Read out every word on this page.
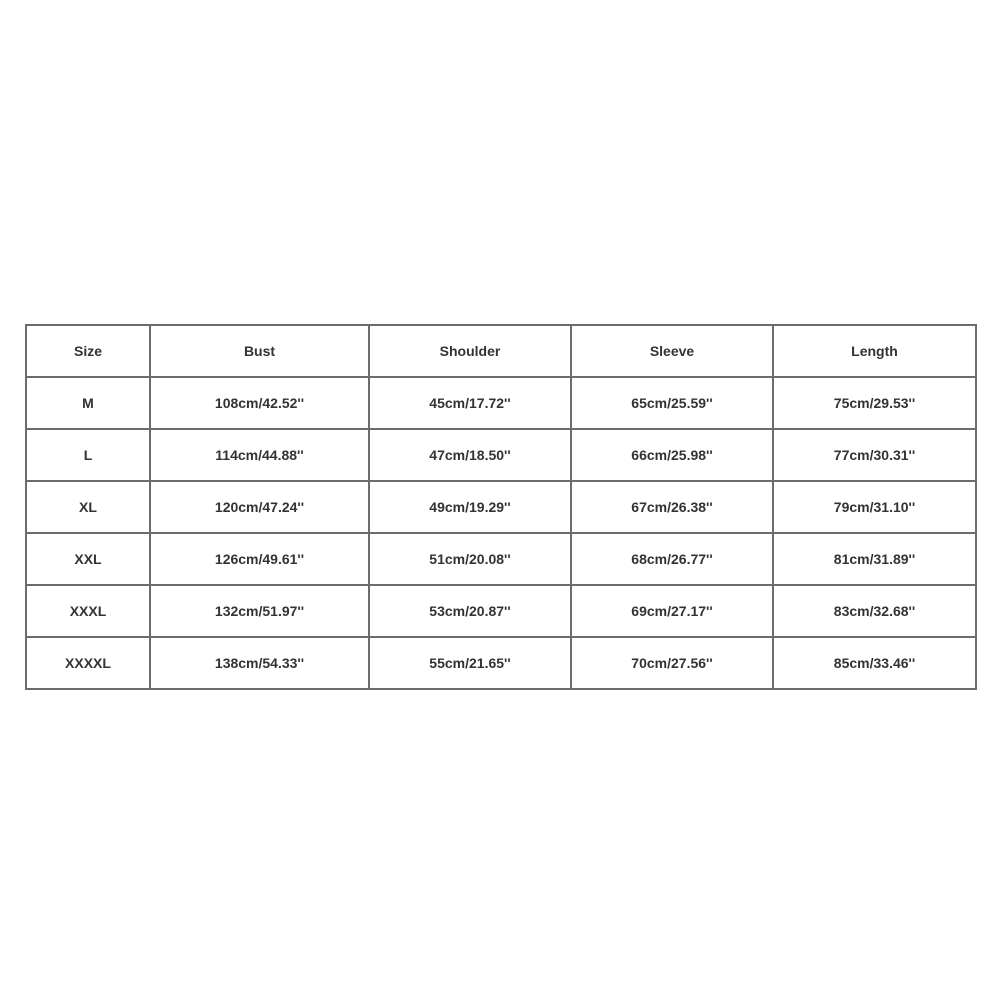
Size	Bust	Shoulder	Sleeve	Length
M	108cm/42.52''	45cm/17.72''	65cm/25.59''	75cm/29.53''
L	114cm/44.88''	47cm/18.50''	66cm/25.98''	77cm/30.31''
XL	120cm/47.24''	49cm/19.29''	67cm/26.38''	79cm/31.10''
XXL	126cm/49.61''	51cm/20.08''	68cm/26.77''	81cm/31.89''
XXXL	132cm/51.97''	53cm/20.87''	69cm/27.17''	83cm/32.68''
XXXXL	138cm/54.33''	55cm/21.65''	70cm/27.56''	85cm/33.46''
